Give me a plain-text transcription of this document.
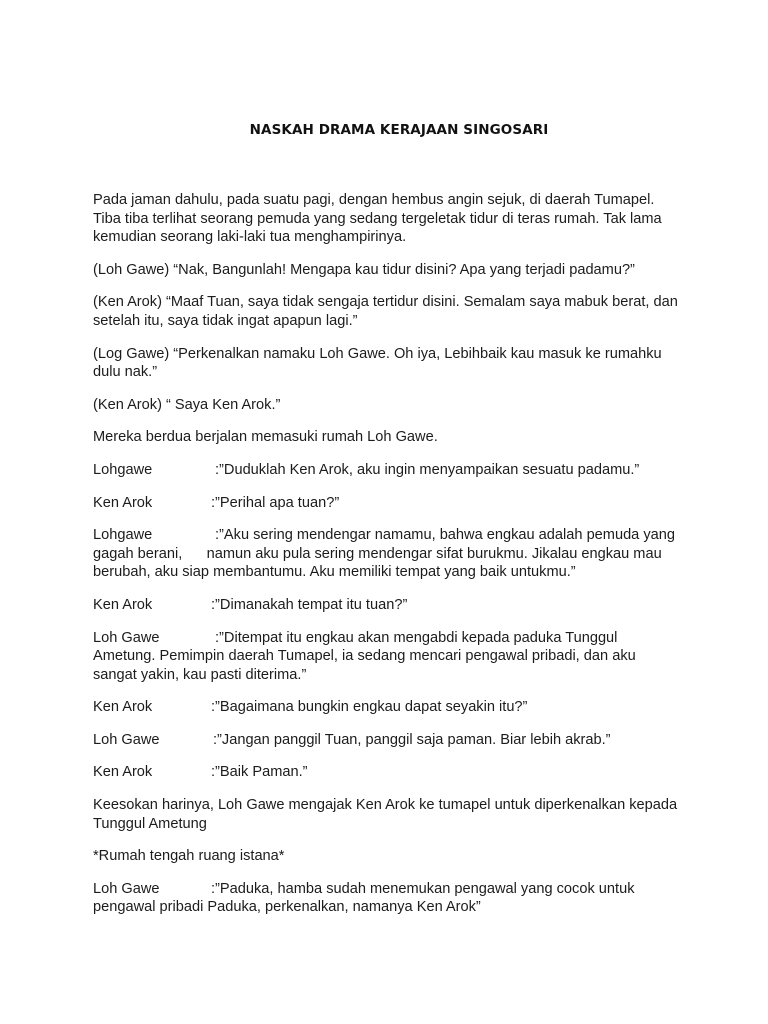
NASKAH DRAMA KERAJAAN SINGOSARI

Pada jaman dahulu, pada suatu pagi, dengan hembus angin sejuk, di daerah Tumapel. Tiba tiba terlihat seorang pemuda yang sedang tergeletak tidur di teras rumah. Tak lama kemudian seorang laki-laki tua menghampirinya.

(Loh Gawe) “Nak, Bangunlah! Mengapa kau tidur disini? Apa yang terjadi padamu?”

(Ken Arok) “Maaf Tuan, saya tidak sengaja tertidur disini. Semalam saya mabuk berat, dan setelah itu, saya tidak ingat apapun lagi.”

(Log Gawe) “Perkenalkan namaku Loh Gawe. Oh iya, Lebihbaik kau masuk ke rumahku dulu nak.”

(Ken Arok) “ Saya Ken Arok.”

Mereka berdua berjalan memasuki rumah Loh Gawe.

Lohgawe	:”Duduklah Ken Arok, aku ingin menyampaikan sesuatu padamu.”

Ken Arok	:”Perihal apa tuan?”

Lohgawe	:”Aku sering mendengar namamu, bahwa engkau adalah pemuda yang gagah berani,      namun aku pula sering mendengar sifat burukmu. Jikalau engkau mau berubah, aku siap membantumu. Aku memiliki tempat yang baik untukmu.”

Ken Arok	:”Dimanakah tempat itu tuan?”

Loh Gawe	:”Ditempat itu engkau akan mengabdi kepada paduka Tunggul Ametung. Pemimpin daerah Tumapel, ia sedang mencari pengawal pribadi, dan aku sangat yakin, kau pasti diterima.”

Ken Arok	:”Bagaimana bungkin engkau dapat seyakin itu?”

Loh Gawe	:”Jangan panggil Tuan, panggil saja paman. Biar lebih akrab.”

Ken Arok	:”Baik Paman.”

Keesokan harinya, Loh Gawe mengajak Ken Arok ke tumapel untuk diperkenalkan kepada Tunggul Ametung

*Rumah tengah ruang istana*

Loh Gawe	:”Paduka, hamba sudah menemukan pengawal yang cocok untuk pengawal pribadi Paduka, perkenalkan, namanya Ken Arok”
